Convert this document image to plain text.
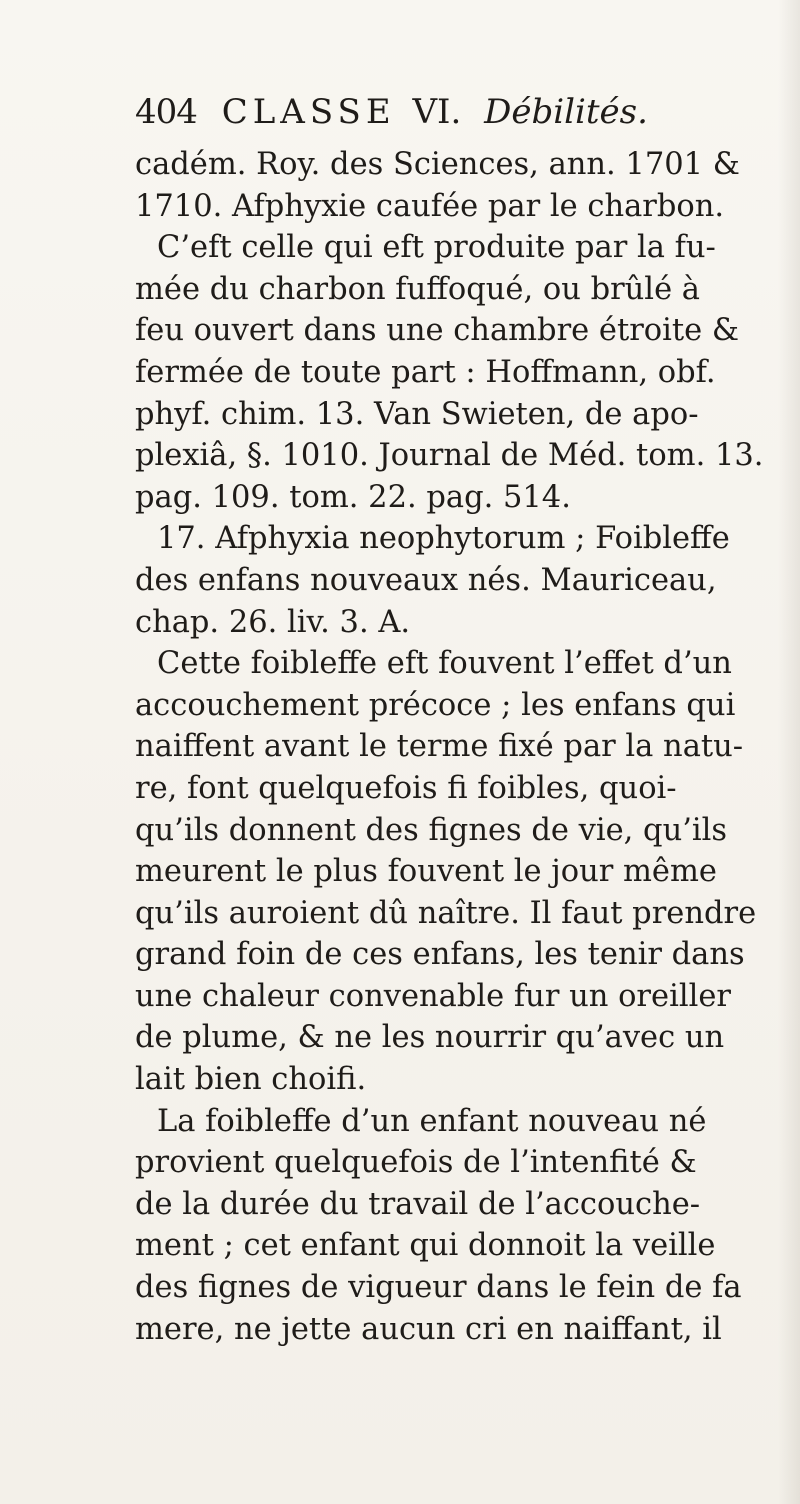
404 CLASSE VI. Débilités.
cadém. Roy. des Sciences, ann. 1701 &
1710. Afphyxie caufée par le charbon.
C’eft celle qui eft produite par la fu-
mée du charbon fuffoqué, ou brûlé à
feu ouvert dans une chambre étroite &
fermée de toute part : Hoffmann, obf.
phyf. chim. 13. Van Swieten, de apo-
plexiâ, §. 1010. Journal de Méd. tom. 13.
pag. 109. tom. 22. pag. 514.
17. Afphyxia neophytorum ; Foibleffe
des enfans nouveaux nés. Mauriceau,
chap. 26. liv. 3. A.
Cette foibleffe eft fouvent l’effet d’un
accouchement précoce ; les enfans qui
naiffent avant le terme fixé par la natu-
re, font quelquefois fi foibles, quoi-
qu’ils donnent des fignes de vie, qu’ils
meurent le plus fouvent le jour même
qu’ils auroient dû naître. Il faut prendre
grand foin de ces enfans, les tenir dans
une chaleur convenable fur un oreiller
de plume, & ne les nourrir qu’avec un
lait bien choifi.
La foibleffe d’un enfant nouveau né
provient quelquefois de l’intenfité &
de la durée du travail de l’accouche-
ment ; cet enfant qui donnoit la veille
des fignes de vigueur dans le fein de fa
mere, ne jette aucun cri en naiffant, il
